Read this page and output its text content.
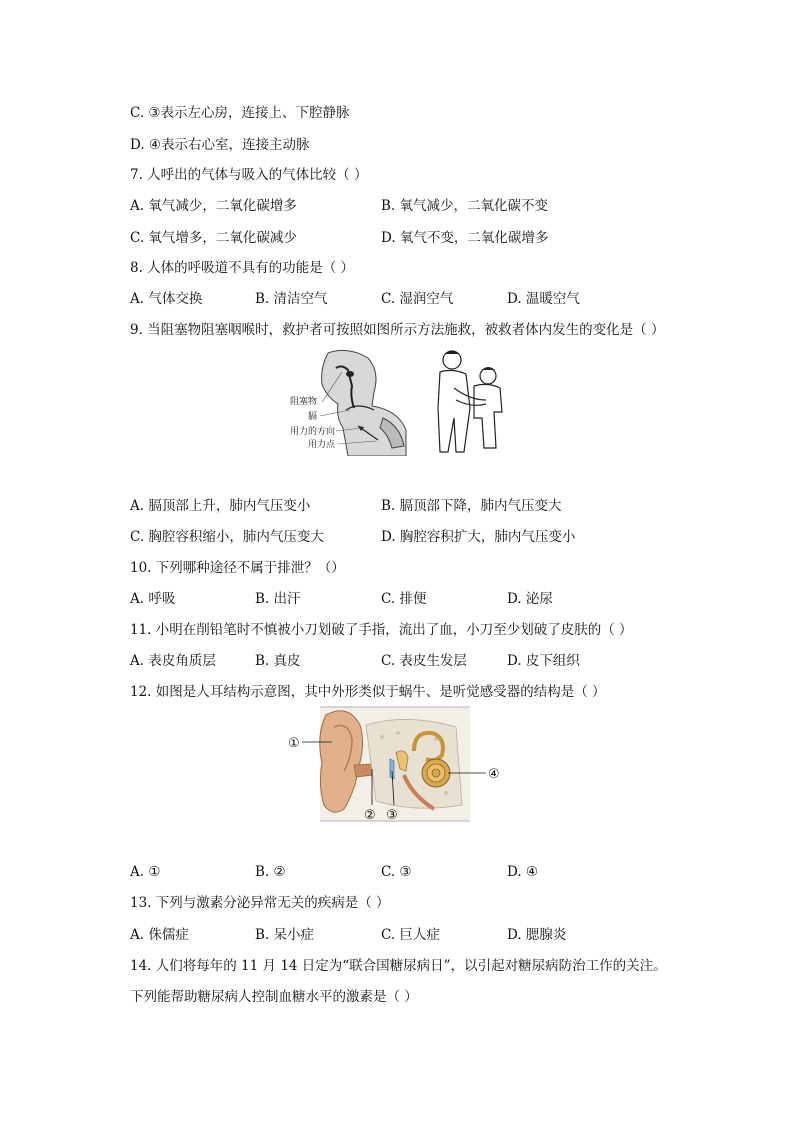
C. ③表示左心房，连接上、下腔静脉
D. ④表示右心室，连接主动脉
7. 人呼出的气体与吸入的气体比较（ ）
A. 氧气减少，二氧化碳增多	B. 氧气减少，二氧化碳不变
C. 氧气增多，二氧化碳减少	D. 氧气不变，二氧化碳增多
8. 人体的呼吸道不具有的功能是（ ）
A. 气体交换	B. 清洁空气	C. 湿润空气	D. 温暖空气
9. 当阻塞物阻塞咽喉时，救护者可按照如图所示方法施救，被救者体内发生的变化是（ ）
阻塞物
膈
用力的方向
用力点
A. 膈顶部上升，肺内气压变小	B. 膈顶部下降，肺内气压变大
C. 胸腔容积缩小，肺内气压变大	D. 胸腔容积扩大，肺内气压变小
10. 下列哪种途径不属于排泄？（）
A. 呼吸	B. 出汗	C. 排便	D. 泌尿
11. 小明在削铅笔时不慎被小刀划破了手指，流出了血，小刀至少划破了皮肤的（ ）
A. 表皮角质层	B. 真皮	C. 表皮生发层	D. 皮下组织
12. 如图是人耳结构示意图，其中外形类似于蜗牛、是听觉感受器的结构是（ ）
①
② ③
④
A. ①	B. ②	C. ③	D. ④
13. 下列与激素分泌异常无关的疾病是（ ）
A. 侏儒症	B. 呆小症	C. 巨人症	D. 腮腺炎
14. 人们将每年的 11 月 14 日定为“联合国糖尿病日”，以引起对糖尿病防治工作的关注。
下列能帮助糖尿病人控制血糖水平的激素是（ ）
